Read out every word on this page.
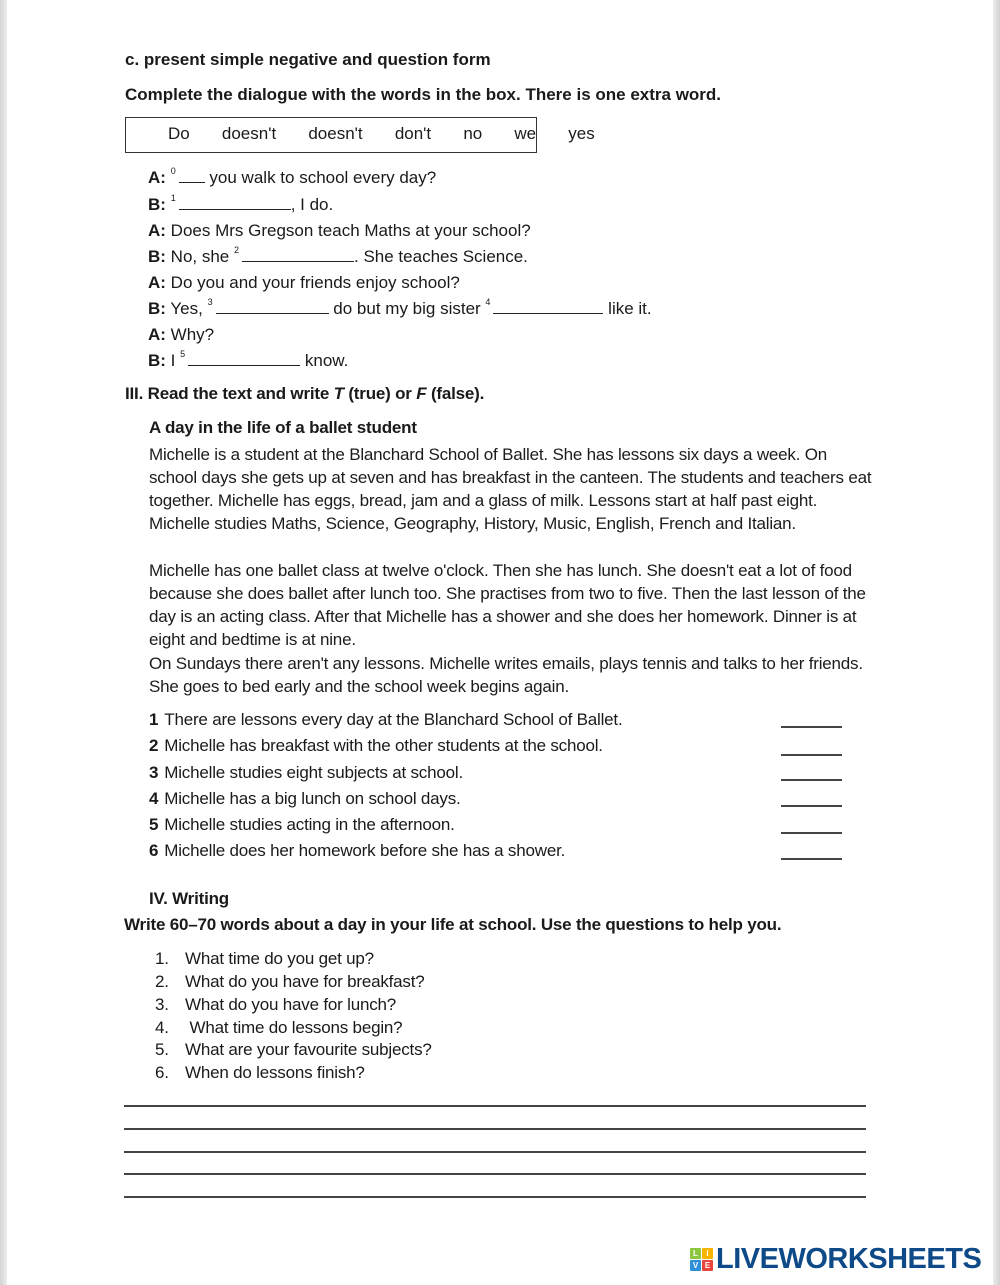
c. present simple negative and question form
Complete the dialogue with the words in the box. There is one extra word.
Do   doesn't   doesn't   don't   no   we   yes
A: $^0$ you walk to school every day?
B: $^1$	, I do.
A: Does Mrs Gregson teach Maths at your school?
B: No, she $^2$	. She teaches Science.
A: Do you and your friends enjoy school?
B: Yes, $^3$	do but my big sister $^4$	like it.
A: Why?
B: I $^5$	know.
III. Read the text and write T (true) or F (false).
A day in the life of a ballet student

Michelle is a student at the Blanchard School of Ballet. She has lessons six days a week. On school days she gets up at seven and has breakfast in the canteen. The students and teachers eat together. Michelle has eggs, bread, jam and a glass of milk. Lessons start at half past eight. Michelle studies Maths, Science, Geography, History, Music, English, French and Italian.

Michelle has one ballet class at twelve o'clock. Then she has lunch. She doesn't eat a lot of food because she does ballet after lunch too. She practises from two to five. Then the last lesson of the day is an acting class. After that Michelle has a shower and she does her homework. Dinner is at eight and bedtime is at nine.

On Sundays there aren't any lessons. Michelle writes emails, plays tennis and talks to her friends. She goes to bed early and the school week begins again.

1 There are lessons every day at the Blanchard School of Ballet.
2 Michelle has breakfast with the other students at the school.
3 Michelle studies eight subjects at school.
4 Michelle has a big lunch on school days.
5 Michelle studies acting in the afternoon.
6 Michelle does her homework before she has a shower.
IV. Writing
Write 60–70 words about a day in your life at school. Use the questions to help you.
1. What time do you get up?
2. What do you have for breakfast?
3. What do you have for lunch?
4. What time do lessons begin?
5. What are your favourite subjects?
6. When do lessons finish?
L	I
V E LIVEWORKSHEETS
